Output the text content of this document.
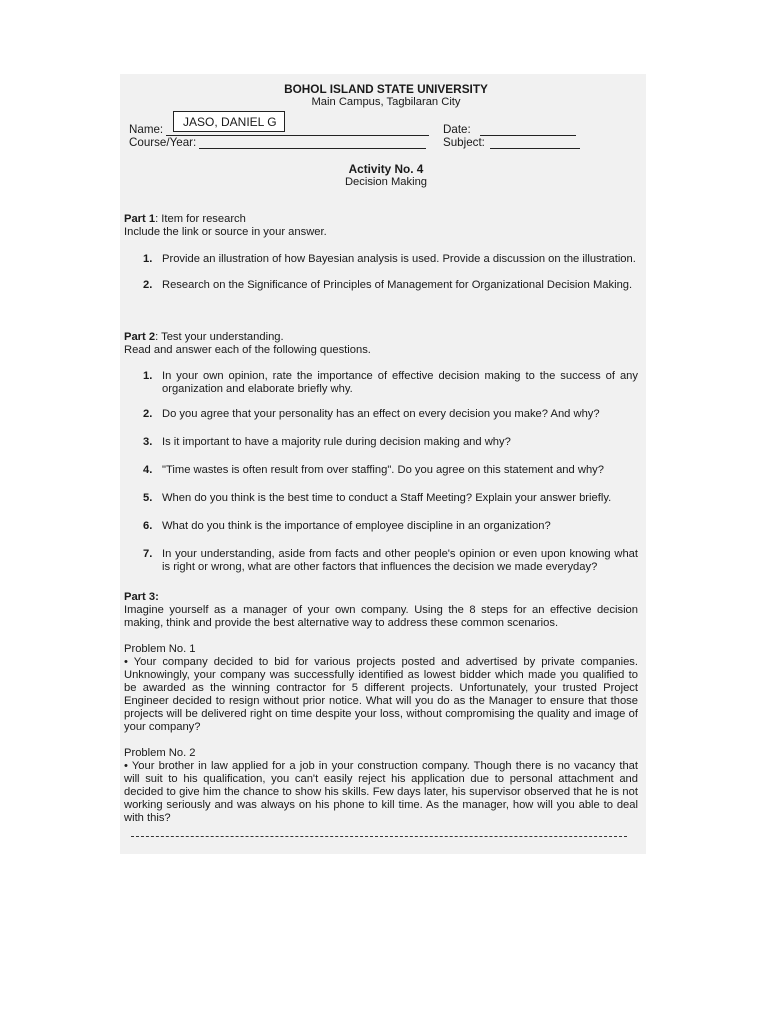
BOHOL ISLAND STATE UNIVERSITY
Main Campus, Tagbilaran City
Name:
JASO, DANIEL G
Date:
Course/Year:	Subject:
Activity No. 4
Decision Making

Part 1: Item for research

Include the link or source in your answer.

1. Provide an illustration of how Bayesian analysis is used. Provide a discussion on the illustration.
2. Research on the Significance of Principles of Management for Organizational Decision Making.

Part 2: Test your understanding.

Read and answer each of the following questions.

1. In your own opinion, rate the importance of effective decision making to the success of any organization and elaborate briefly why.
2. Do you agree that your personality has an effect on every decision you make? And why?
3. Is it important to have a majority rule during decision making and why?
4. "Time wastes is often result from over staffing". Do you agree on this statement and why?
5. When do you think is the best time to conduct a Staff Meeting? Explain your answer briefly.
6. What do you think is the importance of employee discipline in an organization?
7. In your understanding, aside from facts and other people's opinion or even upon knowing what is right or wrong, what are other factors that influences the decision we made everyday?

Part 3:

Imagine yourself as a manager of your own company. Using the 8 steps for an effective decision making, think and provide the best alternative way to address these common scenarios.

Problem No. 1

• Your company decided to bid for various projects posted and advertised by private companies. Unknowingly, your company was successfully identified as lowest bidder which made you qualified to be awarded as the winning contractor for 5 different projects. Unfortunately, your trusted Project Engineer decided to resign without prior notice. What will you do as the Manager to ensure that those projects will be delivered right on time despite your loss, without compromising the quality and image of your company?

Problem No. 2

• Your brother in law applied for a job in your construction company. Though there is no vacancy that will suit to his qualification, you can't easily reject his application due to personal attachment and decided to give him the chance to show his skills. Few days later, his supervisor observed that he is not working seriously and was always on his phone to kill time. As the manager, how will you able to deal with this?
